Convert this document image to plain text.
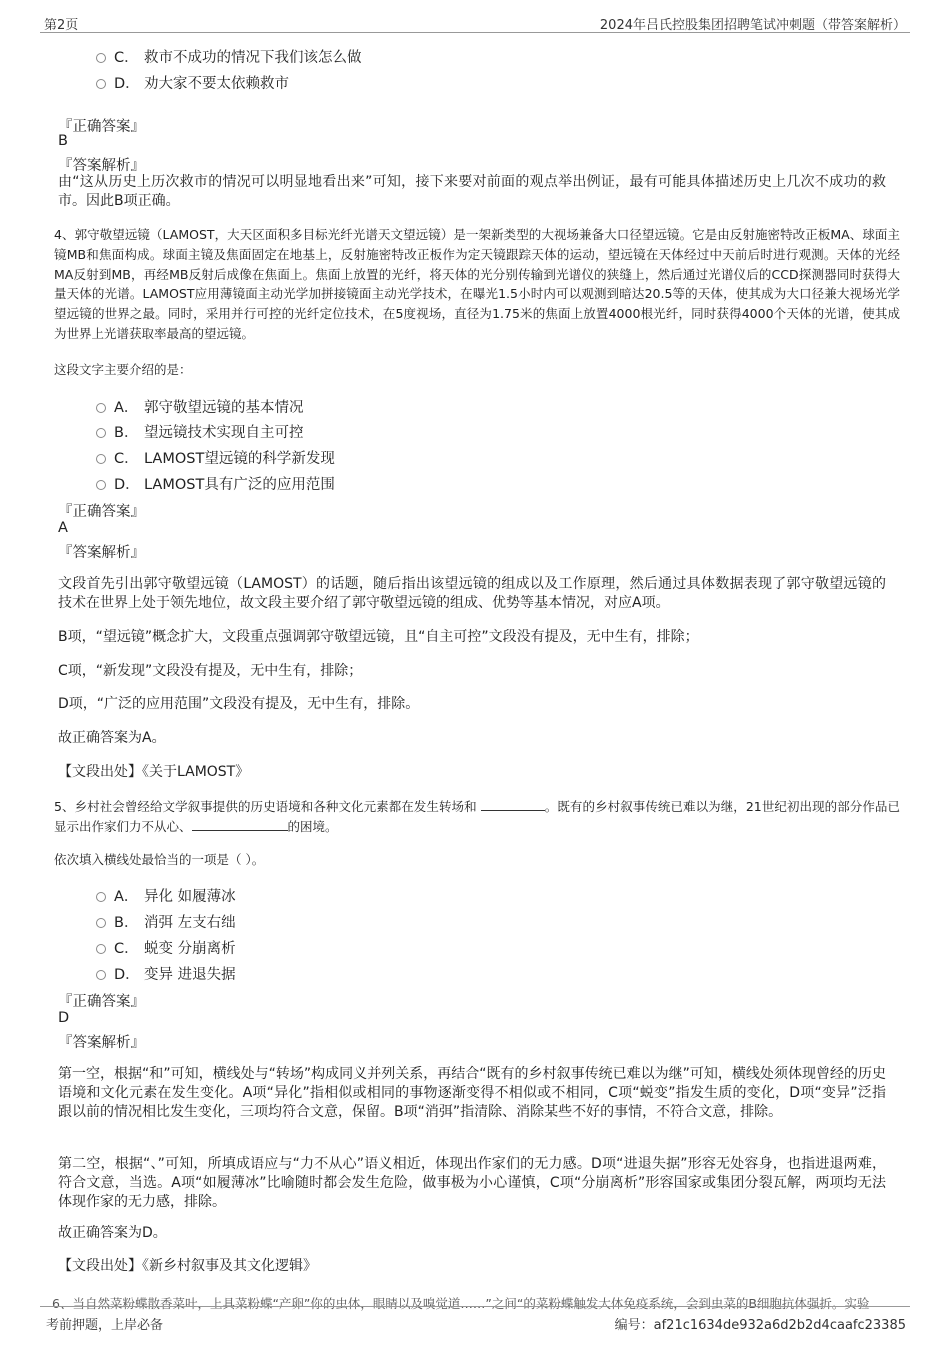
第2页	2024年吕氏控股集团招聘笔试冲刺题（带答案解析）
C． 救市不成功的情况下我们该怎么做
D． 劝大家不要太依赖救市
『正确答案』
B
『答案解析』
由“这从历史上历次救市的情况可以明显地看出来”可知，接下来要对前面的观点举出例证，最有可能具体描述历史上几次不成功的救市。因此B项正确。
4、郭守敬望远镜（LAMOST，大天区面积多目标光纤光谱天文望远镜）是一架新类型的大视场兼备大口径望远镜。它是由反射施密特改正板MA、球面主镜MB和焦面构成。球面主镜及焦面固定在地基上，反射施密特改正板作为定天镜跟踪天体的运动，望远镜在天体经过中天前后时进行观测。天体的光经MA反射到MB，再经MB反射后成像在焦面上。焦面上放置的光纤，将天体的光分别传输到光谱仪的狭缝上，然后通过光谱仪后的CCD探测器同时获得大量天体的光谱。LAMOST应用薄镜面主动光学加拼接镜面主动光学技术，在曝光1.5小时内可以观测到暗达20.5等的天体，使其成为大口径兼大视场光学望远镜的世界之最。同时，采用并行可控的光纤定位技术，在5度视场，直径为1.75米的焦面上放置4000根光纤，同时获得4000个天体的光谱，使其成为世界上光谱获取率最高的望远镜。
这段文字主要介绍的是：
A． 郭守敬望远镜的基本情况
B． 望远镜技术实现自主可控
C． LAMOST望远镜的科学新发现
D． LAMOST具有广泛的应用范围
『正确答案』
A
『答案解析』
文段首先引出郭守敬望远镜（LAMOST）的话题，随后指出该望远镜的组成以及工作原理，然后通过具体数据表现了郭守敬望远镜的技术在世界上处于领先地位，故文段主要介绍了郭守敬望远镜的组成、优势等基本情况，对应A项。
B项，“望远镜”概念扩大，文段重点强调郭守敬望远镜，且“自主可控”文段没有提及，无中生有，排除；
C项，“新发现”文段没有提及，无中生有，排除；
D项，“广泛的应用范围”文段没有提及，无中生有，排除。
故正确答案为A。
【文段出处】《关于LAMOST》
5、乡村社会曾经给文学叙事提供的历史语境和各种文化元素都在发生转场和	。既有的乡村叙事传统已难以为继，21世纪初出现的部分作品已显示出作家们力不从心、	的困境。
依次填入横线处最恰当的一项是（ ）。
A． 异化 如履薄冰
B． 消弭 左支右绌
C． 蜕变 分崩离析
D． 变异 进退失据
『正确答案』
D
『答案解析』
第一空，根据“和”可知，横线处与“转场”构成同义并列关系，再结合“既有的乡村叙事传统已难以为继”可知，横线处须体现曾经的历史语境和文化元素在发生变化。A项“异化”指相似或相同的事物逐渐变得不相似或不相同，C项“蜕变”指发生质的变化，D项“变异”泛指跟以前的情况相比发生变化，三项均符合文意，保留。B项“消弭”指清除、消除某些不好的事情，不符合文意，排除。
第二空，根据“、”可知，所填成语应与“力不从心”语义相近，体现出作家们的无力感。D项“进退失据”形容无处容身，也指进退两难，符合文意，当选。A项“如履薄冰”比喻随时都会发生危险，做事极为小心谨慎，C项“分崩离析”形容国家或集团分裂瓦解，两项均无法体现作家的无力感，排除。
故正确答案为D。
【文段出处】《新乡村叙事及其文化逻辑》
6、当自然菜粉蝶散香菜叶，上具菜粉蝶“产卵”你的虫体，眼睛以及嗅觉道……”之间“的菜粉蝶触发大体免疫系统，会到虫菜的B细胞抗体强折。实验
考前押题，上岸必备	编号：af21c1634de932a6d2b2d4caafc23385
